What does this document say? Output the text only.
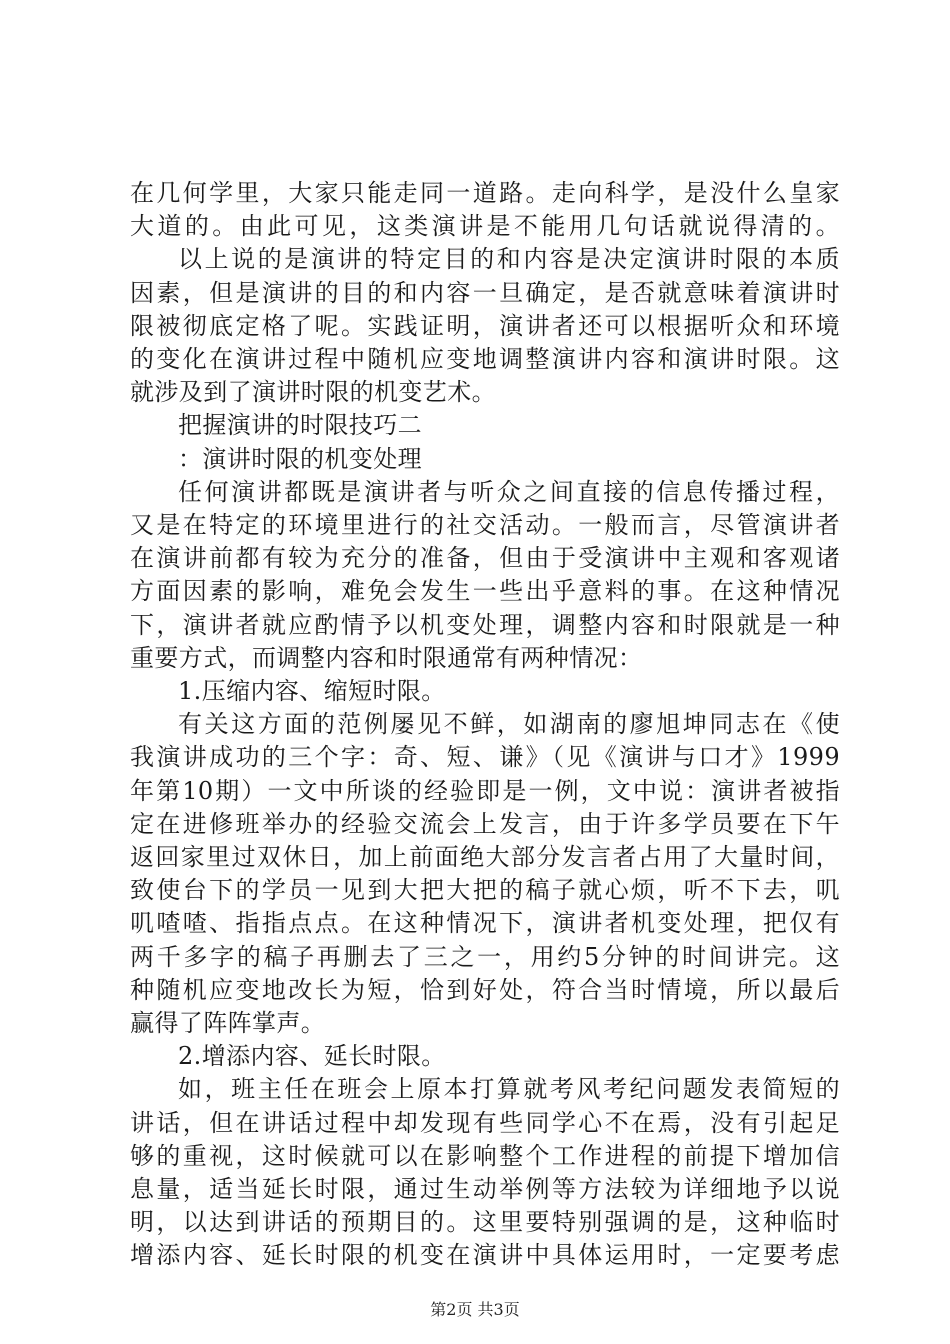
在几何学里，大家只能走同一道路。走向科学，是没什么皇家
大道的。由此可见，这类演讲是不能用几句话就说得清的。
以上说的是演讲的特定目的和内容是决定演讲时限的本质
因素，但是演讲的目的和内容一旦确定，是否就意味着演讲时
限被彻底定格了呢。实践证明，演讲者还可以根据听众和环境
的变化在演讲过程中随机应变地调整演讲内容和演讲时限。这
就涉及到了演讲时限的机变艺术。
把握演讲的时限技巧二
：演讲时限的机变处理
任何演讲都既是演讲者与听众之间直接的信息传播过程，
又是在特定的环境里进行的社交活动。一般而言，尽管演讲者
在演讲前都有较为充分的准备，但由于受演讲中主观和客观诸
方面因素的影响，难免会发生一些出乎意料的事。在这种情况
下，演讲者就应酌情予以机变处理，调整内容和时限就是一种
重要方式，而调整内容和时限通常有两种情况：
1.压缩内容、缩短时限。
有关这方面的范例屡见不鲜，如湖南的廖旭坤同志在《使
我演讲成功的三个字：奇、短、谦》（见《演讲与口才》1999
年第10期）一文中所谈的经验即是一例，文中说：演讲者被指
定在进修班举办的经验交流会上发言，由于许多学员要在下午
返回家里过双休日，加上前面绝大部分发言者占用了大量时间，
致使台下的学员一见到大把大把的稿子就心烦，听不下去，叽
叽喳喳、指指点点。在这种情况下，演讲者机变处理，把仅有
两千多字的稿子再删去了三之一，用约5分钟的时间讲完。这
种随机应变地改长为短，恰到好处，符合当时情境，所以最后
赢得了阵阵掌声。
2.增添内容、延长时限。
如，班主任在班会上原本打算就考风考纪问题发表简短的
讲话，但在讲话过程中却发现有些同学心不在焉，没有引起足
够的重视，这时候就可以在影响整个工作进程的前提下增加信
息量，适当延长时限，通过生动举例等方法较为详细地予以说
明，以达到讲话的预期目的。这里要特别强调的是，这种临时
增添内容、延长时限的机变在演讲中具体运用时，一定要考虑
第2页 共3页
